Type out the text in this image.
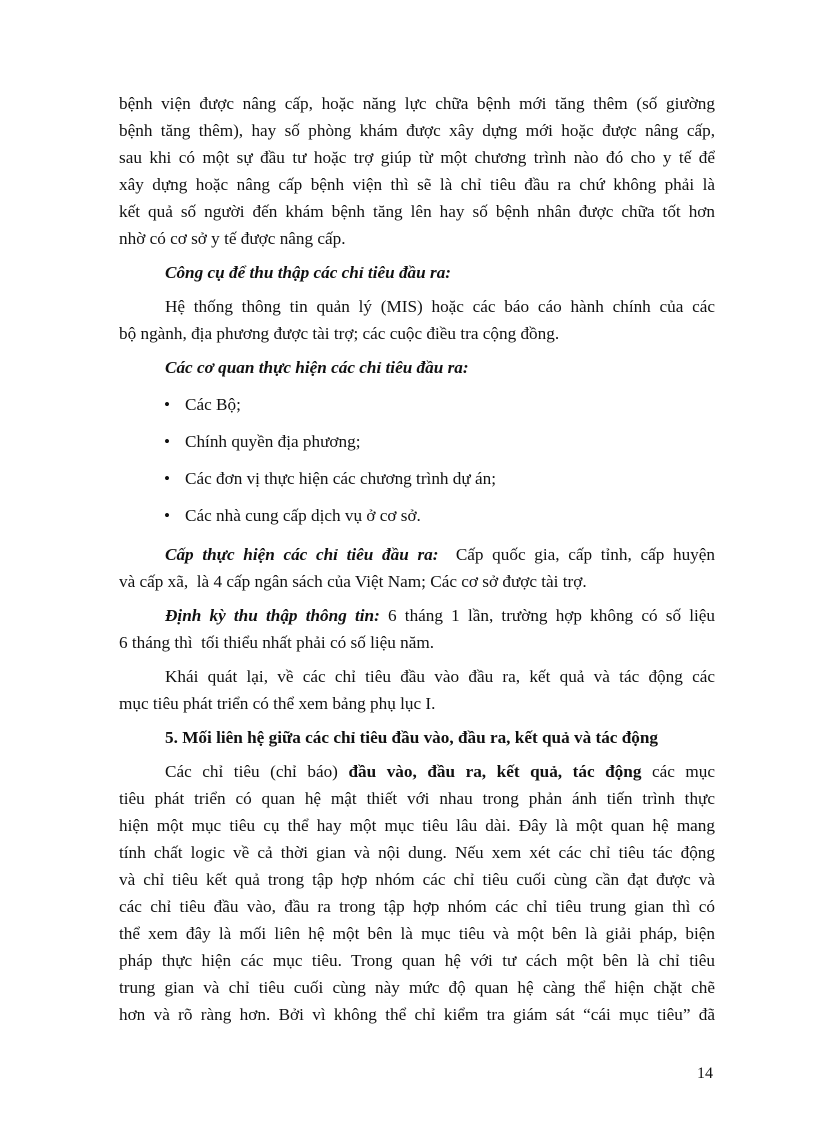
bệnh viện được nâng cấp, hoặc năng lực chữa bệnh mới tăng thêm (số giường
bệnh tăng thêm), hay số phòng khám được xây dựng mới hoặc được nâng cấp,
sau khi có một sự đầu tư hoặc trợ giúp từ một chương trình nào đó cho y tế để
xây dựng hoặc nâng cấp bệnh viện thì sẽ là chỉ tiêu đầu ra chứ không phải là
kết quả số người đến khám bệnh tăng lên hay số bệnh nhân được chữa tốt hơn
nhờ có cơ sở y tế được nâng cấp.
Công cụ để thu thập các chỉ tiêu đầu ra:
Hệ thống thông tin quản lý (MIS) hoặc các báo cáo hành chính của các
bộ ngành, địa phương được tài trợ; các cuộc điều tra cộng đồng.
Các cơ quan thực hiện các chỉ tiêu đầu ra:
• Các Bộ;
• Chính quyền địa phương;
• Các đơn vị thực hiện các chương trình dự án;
• Các nhà cung cấp dịch vụ ở cơ sở.
Cấp thực hiện các chỉ tiêu đầu ra:  Cấp quốc gia, cấp tỉnh, cấp huyện
và cấp xã,  là 4 cấp ngân sách của Việt Nam; Các cơ sở được tài trợ.
Định kỳ thu thập thông tin: 6 tháng 1 lần, trường hợp không có số liệu
6 tháng thì  tối thiểu nhất phải có số liệu năm.
Khái quát lại, về các chỉ tiêu đầu vào đầu ra, kết quả và tác động các
mục tiêu phát triển có thể xem bảng phụ lục I.
5. Mối liên hệ giữa các chỉ tiêu đầu vào, đầu ra, kết quả và tác động
Các chỉ tiêu (chỉ báo) đầu vào, đầu ra, kết quả, tác động các mục
tiêu phát triển có quan hệ mật thiết với nhau trong phản ánh tiến trình thực
hiện một mục tiêu cụ thể hay một mục tiêu lâu dài. Đây là một quan hệ mang
tính chất logic về cả thời gian và nội dung. Nếu xem xét các chỉ tiêu tác động
và chỉ tiêu kết quả trong tập hợp nhóm các chỉ tiêu cuối cùng cần đạt được và
các chỉ tiêu đầu vào, đầu ra trong tập hợp nhóm các chỉ tiêu trung gian thì có
thể xem đây là mối liên hệ một bên là mục tiêu và một bên là giải pháp, biện
pháp thực hiện các mục tiêu. Trong quan hệ với tư cách một bên là chỉ tiêu
trung gian và chỉ tiêu cuối cùng này mức độ quan hệ càng thể hiện chặt chẽ
hơn và rõ ràng hơn. Bởi vì không thể chỉ kiểm tra giám sát “cái mục tiêu” đã
14
